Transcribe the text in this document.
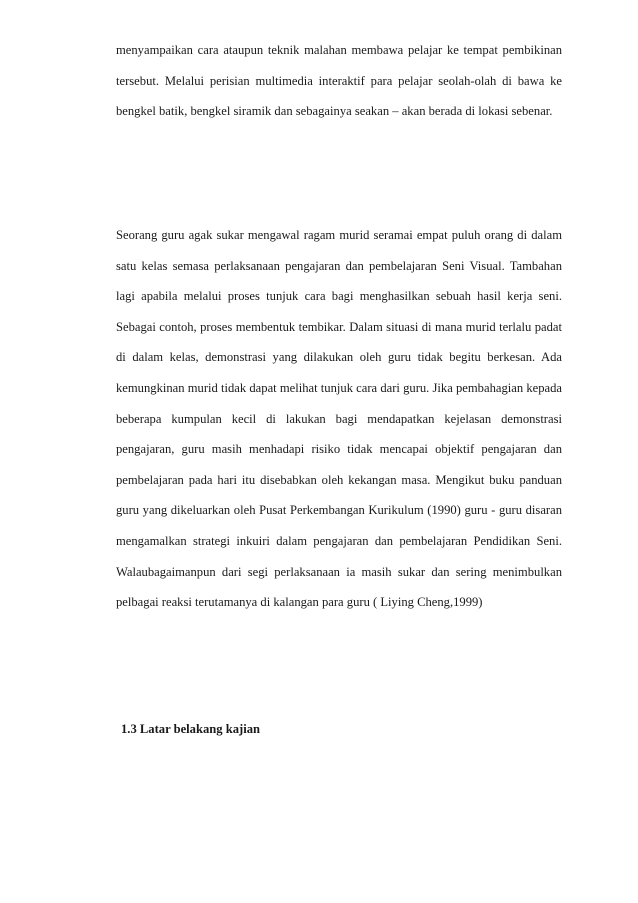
menyampaikan cara ataupun teknik malahan membawa pelajar ke tempat pembikinan tersebut. Melalui perisian multimedia interaktif para pelajar seolah-olah di bawa ke bengkel batik, bengkel siramik dan sebagainya seakan – akan berada di lokasi sebenar.

Seorang guru agak sukar mengawal ragam murid seramai empat puluh orang di dalam satu kelas semasa perlaksanaan pengajaran dan pembelajaran Seni Visual. Tambahan lagi apabila melalui proses tunjuk cara bagi menghasilkan sebuah hasil kerja seni. Sebagai contoh, proses membentuk tembikar. Dalam situasi di mana murid terlalu padat di dalam kelas, demonstrasi yang dilakukan oleh guru tidak begitu berkesan. Ada kemungkinan murid tidak dapat melihat tunjuk cara dari guru. Jika pembahagian kepada beberapa kumpulan kecil di lakukan bagi mendapatkan kejelasan demonstrasi pengajaran, guru masih menhadapi risiko tidak mencapai objektif pengajaran dan pembelajaran pada hari itu disebabkan oleh kekangan masa. Mengikut buku panduan guru yang dikeluarkan oleh Pusat Perkembangan Kurikulum (1990) guru - guru disaran mengamalkan strategi inkuiri dalam pengajaran dan pembelajaran Pendidikan Seni. Walaubagaimanpun dari segi perlaksanaan ia masih sukar dan sering menimbulkan pelbagai reaksi terutamanya di kalangan para guru ( Liying Cheng,1999)

1.3 Latar belakang kajian
